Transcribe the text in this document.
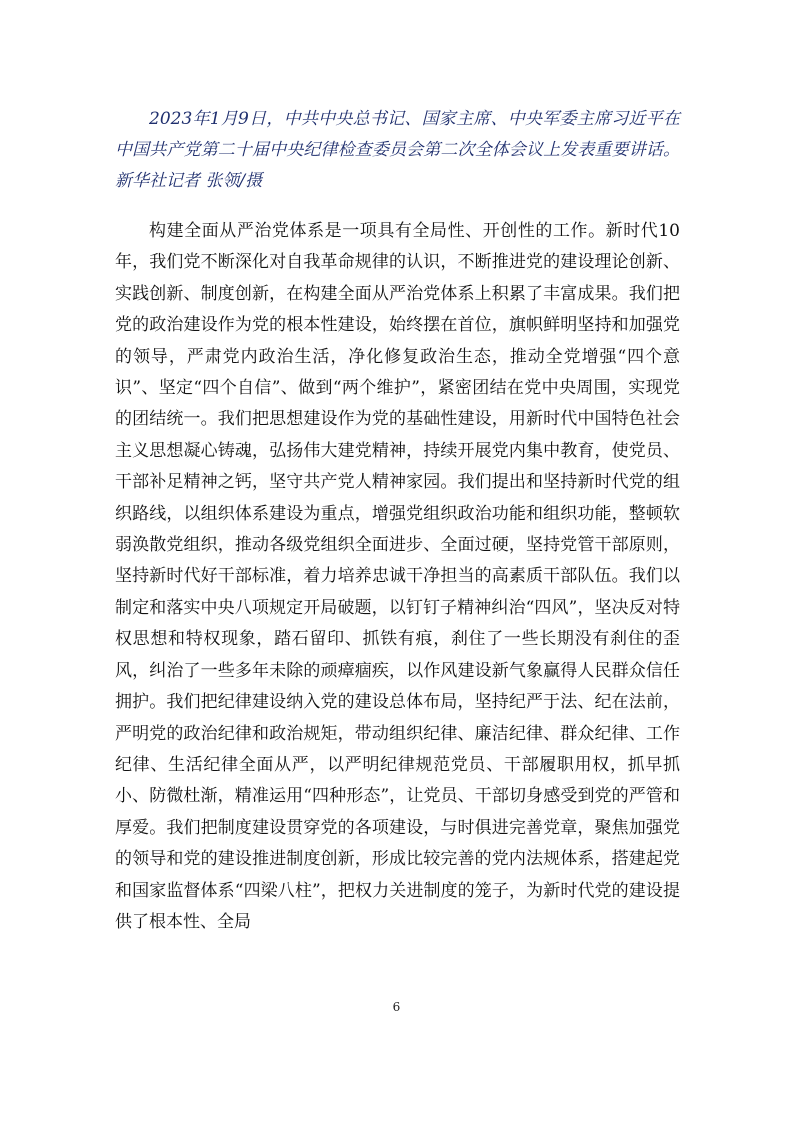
2023年1月9日，中共中央总书记、国家主席、中央军委主席习近平在中国共产党第二十届中央纪律检查委员会第二次全体会议上发表重要讲话。新华社记者 张领/摄

构建全面从严治党体系是一项具有全局性、开创性的工作。新时代10年，我们党不断深化对自我革命规律的认识，不断推进党的建设理论创新、实践创新、制度创新，在构建全面从严治党体系上积累了丰富成果。我们把党的政治建设作为党的根本性建设，始终摆在首位，旗帜鲜明坚持和加强党的领导，严肃党内政治生活，净化修复政治生态，推动全党增强“四个意识”、坚定“四个自信”、做到“两个维护”，紧密团结在党中央周围，实现党的团结统一。我们把思想建设作为党的基础性建设，用新时代中国特色社会主义思想凝心铸魂，弘扬伟大建党精神，持续开展党内集中教育，使党员、干部补足精神之钙，坚守共产党人精神家园。我们提出和坚持新时代党的组织路线，以组织体系建设为重点，增强党组织政治功能和组织功能，整顿软弱涣散党组织，推动各级党组织全面进步、全面过硬，坚持党管干部原则，坚持新时代好干部标准，着力培养忠诚干净担当的高素质干部队伍。我们以制定和落实中央八项规定开局破题，以钉钉子精神纠治“四风”，坚决反对特权思想和特权现象，踏石留印、抓铁有痕，刹住了一些长期没有刹住的歪风，纠治了一些多年未除的顽瘴痼疾，以作风建设新气象赢得人民群众信任拥护。我们把纪律建设纳入党的建设总体布局，坚持纪严于法、纪在法前，严明党的政治纪律和政治规矩，带动组织纪律、廉洁纪律、群众纪律、工作纪律、生活纪律全面从严，以严明纪律规范党员、干部履职用权，抓早抓小、防微杜渐，精准运用“四种形态”，让党员、干部切身感受到党的严管和厚爱。我们把制度建设贯穿党的各项建设，与时俱进完善党章，聚焦加强党的领导和党的建设推进制度创新，形成比较完善的党内法规体系，搭建起党和国家监督体系“四梁八柱”，把权力关进制度的笼子，为新时代党的建设提供了根本性、全局

6
